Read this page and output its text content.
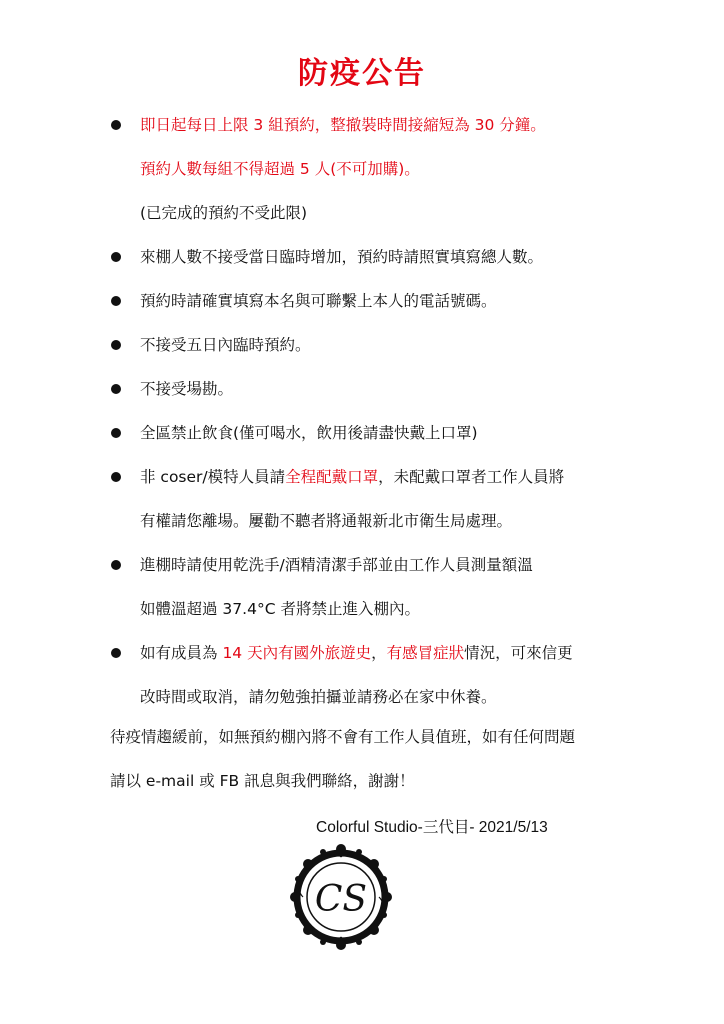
防疫公告
即日起每日上限 3 組預約，整撤裝時間接縮短為 30 分鐘。
預約人數每組不得超過 5 人(不可加購)。
(已完成的預約不受此限)
來棚人數不接受當日臨時增加，預約時請照實填寫總人數。
預約時請確實填寫本名與可聯繫上本人的電話號碼。
不接受五日內臨時預約。
不接受場勘。
全區禁止飲食(僅可喝水，飲用後請盡快戴上口罩)
非 coser/模特人員請全程配戴口罩，未配戴口罩者工作人員將
有權請您離場。屢勸不聽者將通報新北市衛生局處理。
進棚時請使用乾洗手/酒精清潔手部並由工作人員測量額溫
如體溫超過 37.4°C 者將禁止進入棚內。
如有成員為 14 天內有國外旅遊史，有感冒症狀情況，可來信更
改時間或取消，請勿勉強拍攝並請務必在家中休養。
待疫情趨緩前，如無預約棚內將不會有工作人員值班，如有任何問題
請以 e-mail 或 FB 訊息與我們聯絡，謝謝！
Colorful Studio-三代目- 2021/5/13
CS
